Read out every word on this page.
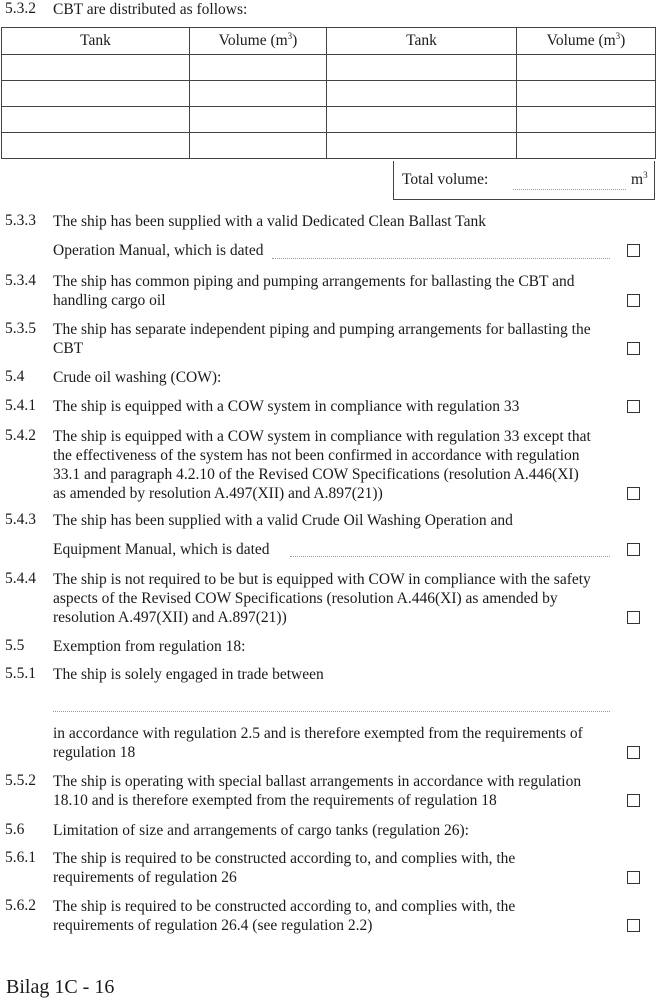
5.3.2 CBT are distributed as follows:
Tank	Volume $(m^3)$	Tank	Volume $(m^3)$

Total volume:	$m^3$
5.3.3 The ship has been supplied with a valid Dedicated Clean Ballast Tank
Operation Manual, which is dated
5.3.4 The ship has common piping and pumping arrangements for ballasting the CBT and
handling cargo oil
5.3.5 The ship has separate independent piping and pumping arrangements for ballasting the
CBT
5.4 Crude oil washing (COW):
5.4.1 The ship is equipped with a COW system in compliance with regulation 33
5.4.2 The ship is equipped with a COW system in compliance with regulation 33 except that
the effectiveness of the system has not been confirmed in accordance with regulation
33.1 and paragraph 4.2.10 of the Revised COW Specifications (resolution A.446(XI)
as amended by resolution A.497(XII) and A.897(21))
5.4.3 The ship has been supplied with a valid Crude Oil Washing Operation and
Equipment Manual, which is dated
5.4.4 The ship is not required to be but is equipped with COW in compliance with the safety
aspects of the Revised COW Specifications (resolution A.446(XI) as amended by
resolution A.497(XII) and A.897(21))
5.5 Exemption from regulation 18:
5.5.1 The ship is solely engaged in trade between
in accordance with regulation 2.5 and is therefore exempted from the requirements of
regulation 18
5.5.2 The ship is operating with special ballast arrangements in accordance with regulation
18.10 and is therefore exempted from the requirements of regulation 18
5.6 Limitation of size and arrangements of cargo tanks (regulation 26):
5.6.1 The ship is required to be constructed according to, and complies with, the
requirements of regulation 26
5.6.2 The ship is required to be constructed according to, and complies with, the
requirements of regulation 26.4 (see regulation 2.2)
Bilag 1C - 16
